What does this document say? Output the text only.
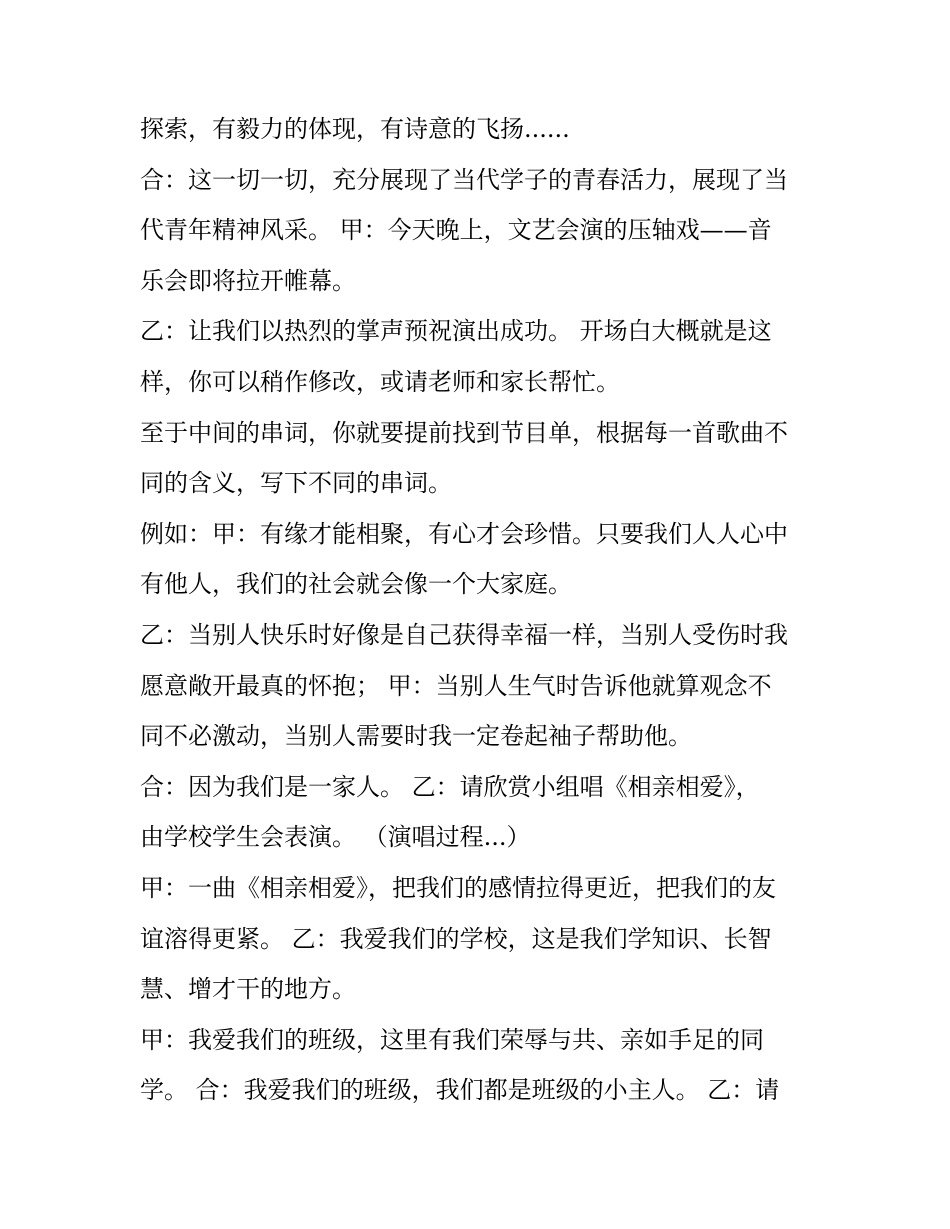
探索，有毅力的体现，有诗意的飞扬......
合：这一切一切，充分展现了当代学子的青春活力，展现了当
代青年精神风采。 甲：今天晚上，文艺会演的压轴戏——音
乐会即将拉开帷幕。
乙：让我们以热烈的掌声预祝演出成功。 开场白大概就是这
样，你可以稍作修改，或请老师和家长帮忙。
至于中间的串词，你就要提前找到节目单，根据每一首歌曲不
同的含义，写下不同的串词。
例如：甲：有缘才能相聚，有心才会珍惜。只要我们人人心中
有他人，我们的社会就会像一个大家庭。
乙：当别人快乐时好像是自己获得幸福一样，当别人受伤时我
愿意敞开最真的怀抱； 甲：当别人生气时告诉他就算观念不
同不必激动，当别人需要时我一定卷起袖子帮助他。
合：因为我们是一家人。 乙：请欣赏小组唱《相亲相爱》，
由学校学生会表演。 （演唱过程...）
甲：一曲《相亲相爱》，把我们的感情拉得更近，把我们的友
谊溶得更紧。 乙：我爱我们的学校，这是我们学知识、长智
慧、增才干的地方。
甲：我爱我们的班级，这里有我们荣辱与共、亲如手足的同
学。 合：我爱我们的班级，我们都是班级的小主人。 乙：请
